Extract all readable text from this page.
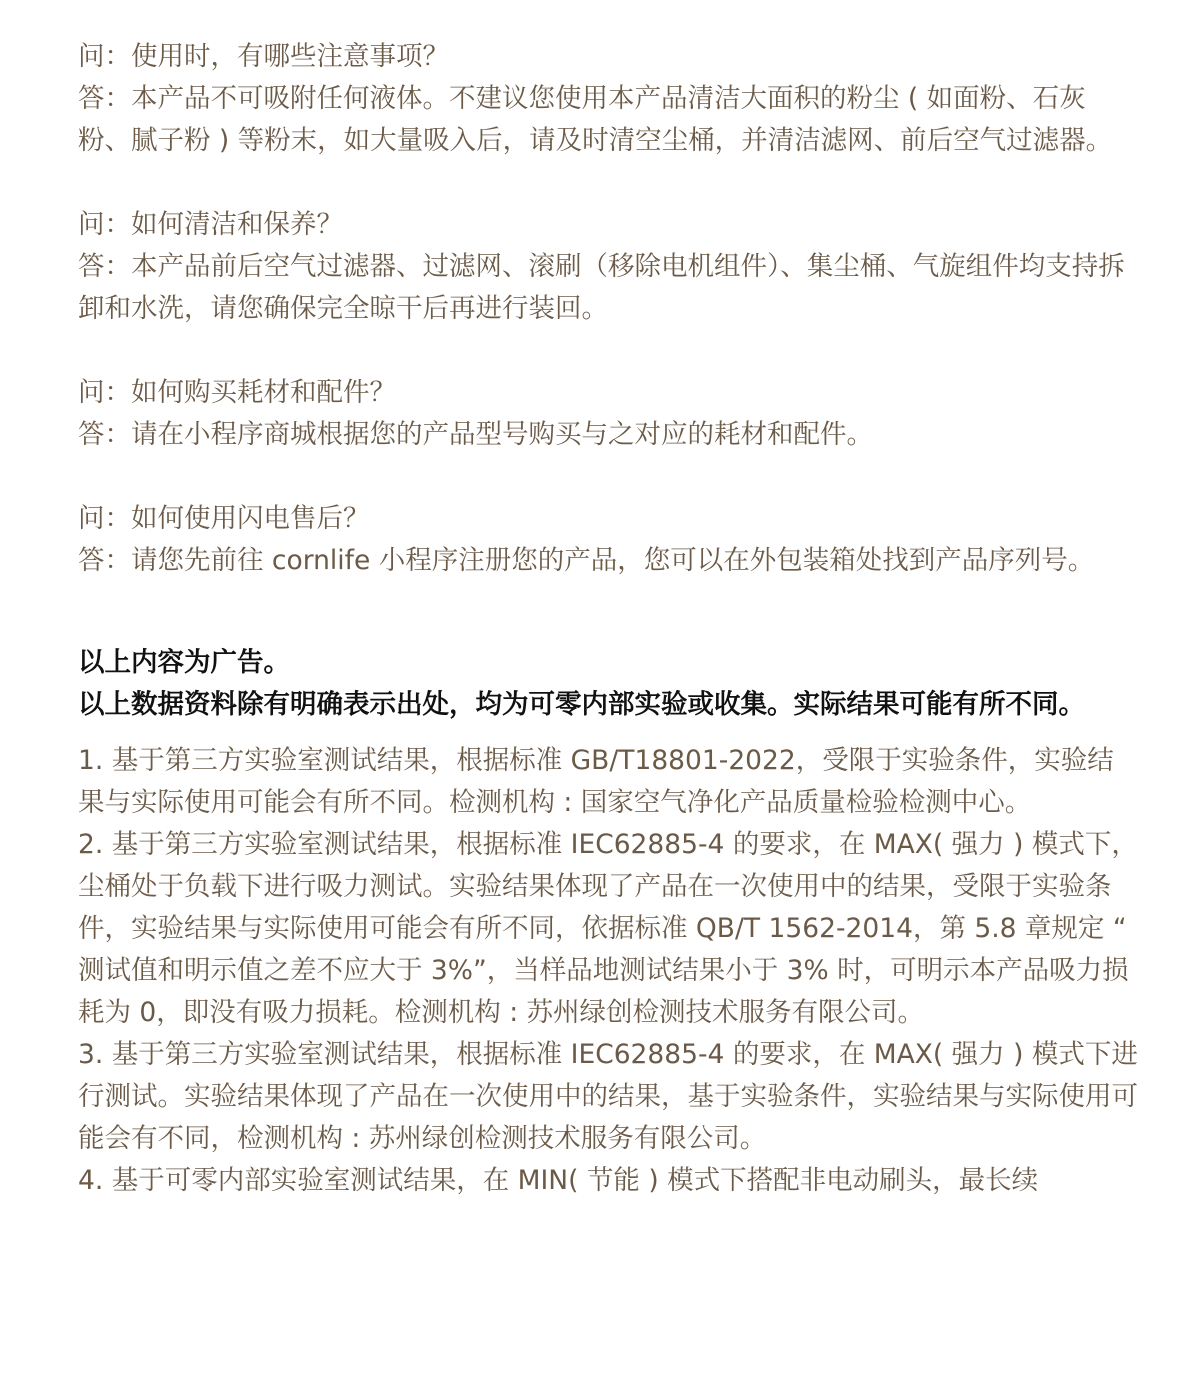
问：使用时，有哪些注意事项？

答：本产品不可吸附任何液体。不建议您使用本产品清洁大面积的粉尘 ( 如面粉、石灰粉、腻子粉 ) 等粉末，如大量吸入后，请及时清空尘桶，并清洁滤网、前后空气过滤器。

问：如何清洁和保养？

答：本产品前后空气过滤器、过滤网、滚刷（移除电机组件）、集尘桶、气旋组件均支持拆卸和水洗，请您确保完全晾干后再进行装回。

问：如何购买耗材和配件？

答：请在小程序商城根据您的产品型号购买与之对应的耗材和配件。

问：如何使用闪电售后？

答：请您先前往 cornlife 小程序注册您的产品，您可以在外包装箱处找到产品序列号。

以上内容为广告。

以上数据资料除有明确表示出处，均为可零内部实验或收集。实际结果可能有所不同。

1. 基于第三方实验室测试结果，根据标准 GB/T18801-2022，受限于实验条件，实验结果与实际使用可能会有所不同。检测机构 : 国家空气净化产品质量检验检测中心。

2. 基于第三方实验室测试结果，根据标准 IEC62885-4 的要求，在 MAX( 强力 ) 模式下，尘桶处于负载下进行吸力测试。实验结果体现了产品在一次使用中的结果，受限于实验条件，实验结果与实际使用可能会有所不同，依据标准 QB/T 1562-2014，第 5.8 章规定 “ 测试值和明示值之差不应大于 3%”，当样品地测试结果小于 3% 时，可明示本产品吸力损耗为 0，即没有吸力损耗。检测机构 : 苏州绿创检测技术服务有限公司。

3. 基于第三方实验室测试结果，根据标准 IEC62885-4 的要求，在 MAX( 强力 ) 模式下进行测试。实验结果体现了产品在一次使用中的结果，基于实验条件，实验结果与实际使用可能会有不同，检测机构 : 苏州绿创检测技术服务有限公司。

4. 基于可零内部实验室测试结果，在 MIN( 节能 ) 模式下搭配非电动刷头，最长续
